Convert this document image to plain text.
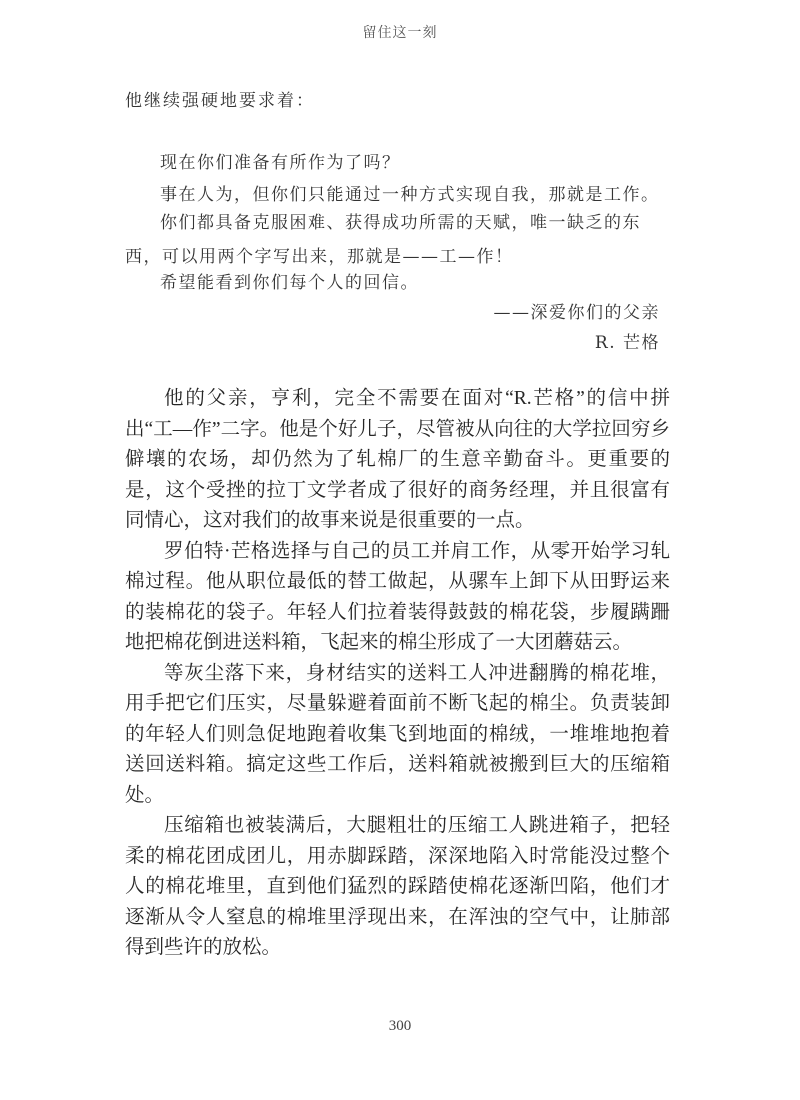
留住这一刻

他继续强硬地要求着：

现在你们准备有所作为了吗？

事在人为，但你们只能通过一种方式实现自我，那就是工作。

你们都具备克服困难、获得成功所需的天赋，唯一缺乏的东西，可以用两个字写出来，那就是——工—作！

希望能看到你们每个人的回信。

——深爱你们的父亲

R. 芒格

他的父亲，亨利，完全不需要在面对“R.芒格”的信中拼出“工—作”二字。他是个好儿子，尽管被从向往的大学拉回穷乡僻壤的农场，却仍然为了轧棉厂的生意辛勤奋斗。更重要的是，这个受挫的拉丁文学者成了很好的商务经理，并且很富有同情心，这对我们的故事来说是很重要的一点。

罗伯特·芒格选择与自己的员工并肩工作，从零开始学习轧棉过程。他从职位最低的替工做起，从骡车上卸下从田野运来的装棉花的袋子。年轻人们拉着装得鼓鼓的棉花袋，步履蹒跚地把棉花倒进送料箱，飞起来的棉尘形成了一大团蘑菇云。

等灰尘落下来，身材结实的送料工人冲进翻腾的棉花堆，用手把它们压实，尽量躲避着面前不断飞起的棉尘。负责装卸的年轻人们则急促地跑着收集飞到地面的棉绒，一堆堆地抱着送回送料箱。搞定这些工作后，送料箱就被搬到巨大的压缩箱处。

压缩箱也被装满后，大腿粗壮的压缩工人跳进箱子，把轻柔的棉花团成团儿，用赤脚踩踏，深深地陷入时常能没过整个人的棉花堆里，直到他们猛烈的踩踏使棉花逐渐凹陷，他们才逐渐从令人窒息的棉堆里浮现出来，在浑浊的空气中，让肺部得到些许的放松。

300
